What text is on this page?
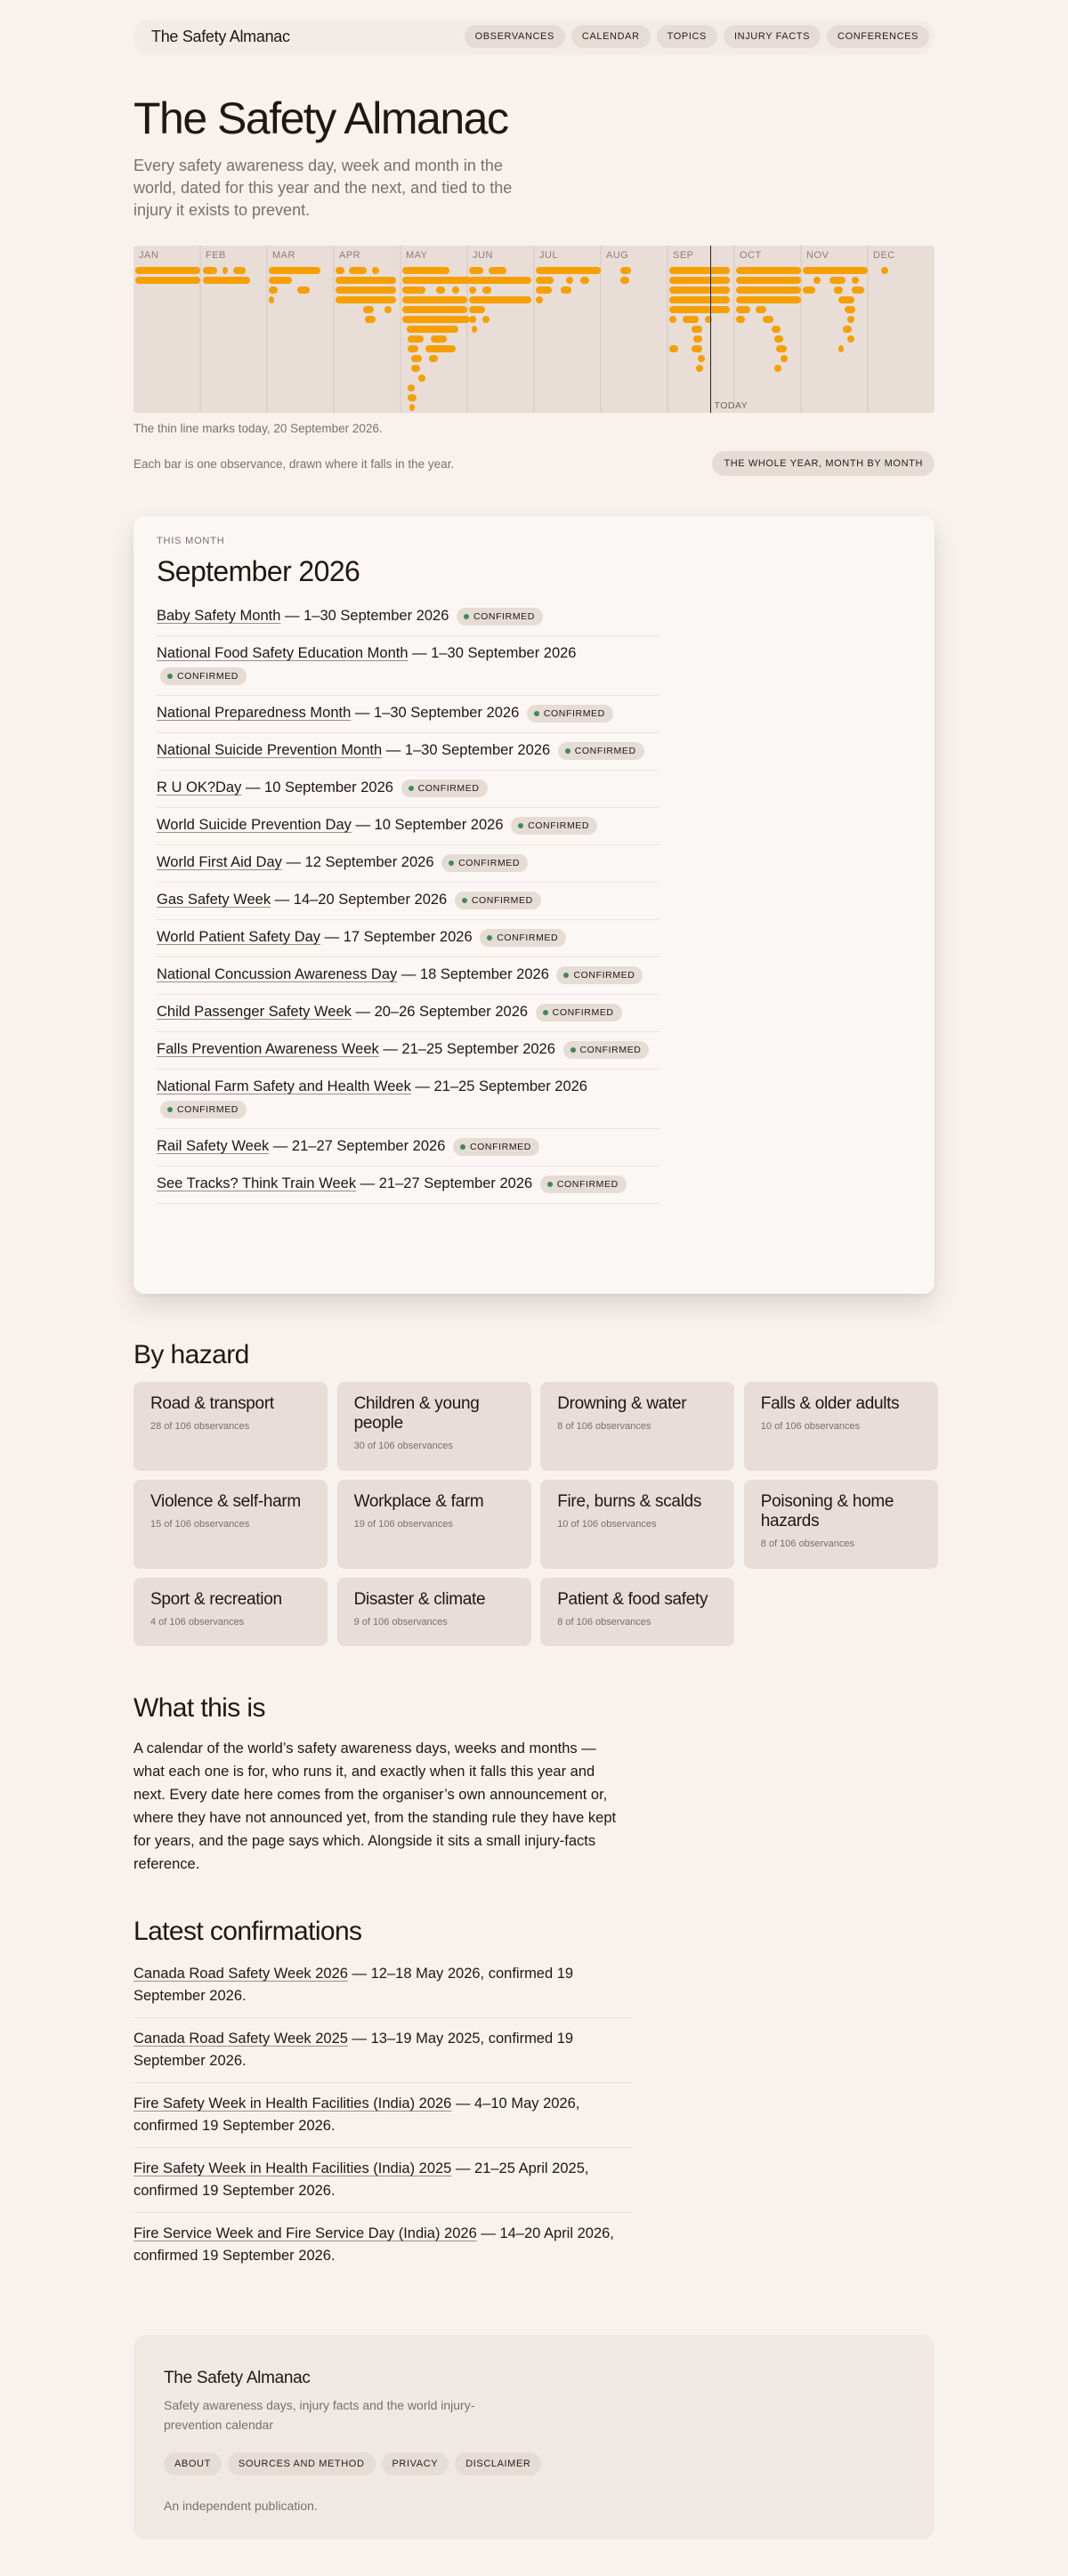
The Safety Almanac	OBSERVANCES	CALENDAR	TOPICS	INJURY FACTS	CONFERENCES
The Safety Almanac

Every safety awareness day, week and month in the world, dated for this year and the next, and tied to the injury it exists to prevent.

JAN	FEB	MAR	APR	MAY	JUN	JUL	AUG	SEP	OCT	NOV	DEC
TODAY

The thin line marks today, 20 September 2026.

Each bar is one observance, drawn where it falls in the year.	THE WHOLE YEAR, MONTH BY MONTH
THIS MONTH
September 2026
Baby Safety Month — 1–30 September 2026 CONFIRMED
National Food Safety Education Month — 1–30 September 2026
CONFIRMED
National Preparedness Month — 1–30 September 2026 CONFIRMED
National Suicide Prevention Month — 1–30 September 2026 CONFIRMED
R U OK?Day — 10 September 2026 CONFIRMED
World Suicide Prevention Day — 10 September 2026 CONFIRMED
World First Aid Day — 12 September 2026 CONFIRMED
Gas Safety Week — 14–20 September 2026 CONFIRMED
World Patient Safety Day — 17 September 2026 CONFIRMED
National Concussion Awareness Day — 18 September 2026 CONFIRMED
Child Passenger Safety Week — 20–26 September 2026 CONFIRMED
Falls Prevention Awareness Week — 21–25 September 2026 CONFIRMED
National Farm Safety and Health Week — 21–25 September 2026
CONFIRMED
Rail Safety Week — 21–27 September 2026 CONFIRMED
See Tracks? Think Train Week — 21–27 September 2026 CONFIRMED
By hazard
Road & transport
28 of 106 observances
Children & young people
30 of 106 observances
Drowning & water
8 of 106 observances
Falls & older adults
10 of 106 observances
Violence & self-harm
15 of 106 observances
Workplace & farm
19 of 106 observances
Fire, burns & scalds
10 of 106 observances
Poisoning & home hazards
8 of 106 observances
Sport & recreation
4 of 106 observances
Disaster & climate
9 of 106 observances
Patient & food safety
8 of 106 observances
What this is

A calendar of the world’s safety awareness days, weeks and months — what each one is for, who runs it, and exactly when it falls this year and next. Every date here comes from the organiser’s own announcement or, where they have not announced yet, from the standing rule they have kept for years, and the page says which. Alongside it sits a small injury-facts reference.

Latest confirmations
Canada Road Safety Week 2026 — 12–18 May 2026, confirmed 19 September 2026.
Canada Road Safety Week 2025 — 13–19 May 2025, confirmed 19 September 2026.
Fire Safety Week in Health Facilities (India) 2026 — 4–10 May 2026, confirmed 19 September 2026.
Fire Safety Week in Health Facilities (India) 2025 — 21–25 April 2025, confirmed 19 September 2026.
Fire Service Week and Fire Service Day (India) 2026 — 14–20 April 2026, confirmed 19 September 2026.
The Safety Almanac
Safety awareness days, injury facts and the world injury-prevention calendar
ABOUT	SOURCES AND METHOD	PRIVACY	DISCLAIMER
An independent publication.
